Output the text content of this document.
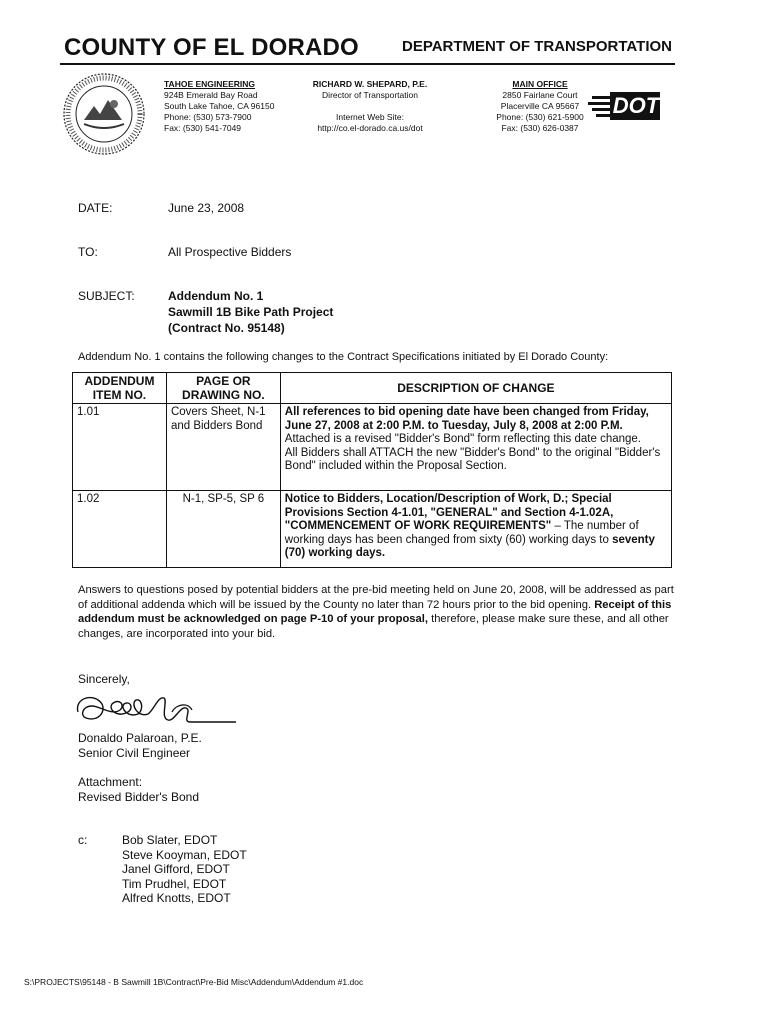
COUNTY OF EL DORADO	DEPARTMENT OF TRANSPORTATION
TAHOE ENGINEERING
924B Emerald Bay Road
South Lake Tahoe, CA 96150
Phone: (530) 573-7900
Fax: (530) 541-7049
RICHARD W. SHEPARD, P.E.
Director of Transportation
Internet Web Site:
http://co.el-dorado.ca.us/dot
MAIN OFFICE
2850 Fairlane Court
Placerville CA 95667
Phone: (530) 621-5900
Fax: (530) 626-0387
DOT
DATE:	June 23, 2008
TO:	All Prospective Bidders
SUBJECT:	Addendum No. 1
Sawmill 1B Bike Path Project
(Contract No. 95148)
Addendum No. 1 contains the following changes to the Contract Specifications initiated by El Dorado County:
ADDENDUM ITEM NO.	PAGE OR DRAWING NO.	DESCRIPTION OF CHANGE
1.01	Covers Sheet, N-1 and Bidders Bond	All references to bid opening date have been changed from Friday, June 27, 2008 at 2:00 P.M. to Tuesday, July 8, 2008 at 2:00 P.M. Attached is a revised "Bidder's Bond" form reflecting this date change.
All Bidders shall ATTACH the new "Bidder's Bond" to the original "Bidder's Bond" included within the Proposal Section.
1.02	N-1, SP-5, SP 6	Notice to Bidders, Location/Description of Work, D.; Special Provisions Section 4-1.01, "GENERAL" and Section 4-1.02A, "COMMENCEMENT OF WORK REQUIREMENTS" – The number of working days has been changed from sixty (60) working days to seventy (70) working days.
Answers to questions posed by potential bidders at the pre-bid meeting held on June 20, 2008, will be addressed as part of additional addenda which will be issued by the County no later than 72 hours prior to the bid opening. Receipt of this addendum must be acknowledged on page P-10 of your proposal, therefore, please make sure these, and all other changes, are incorporated into your bid.
Sincerely,
Donaldo Palaroan, P.E.
Senior Civil Engineer
Attachment:
Revised Bidder's Bond
c:	Bob Slater, EDOT
Steve Kooyman, EDOT
Janel Gifford, EDOT
Tim Prudhel, EDOT
Alfred Knotts, EDOT
S:\PROJECTS\95148 - B Sawmill 1B\Contract\Pre-Bid Misc\Addendum\Addendum #1.doc
